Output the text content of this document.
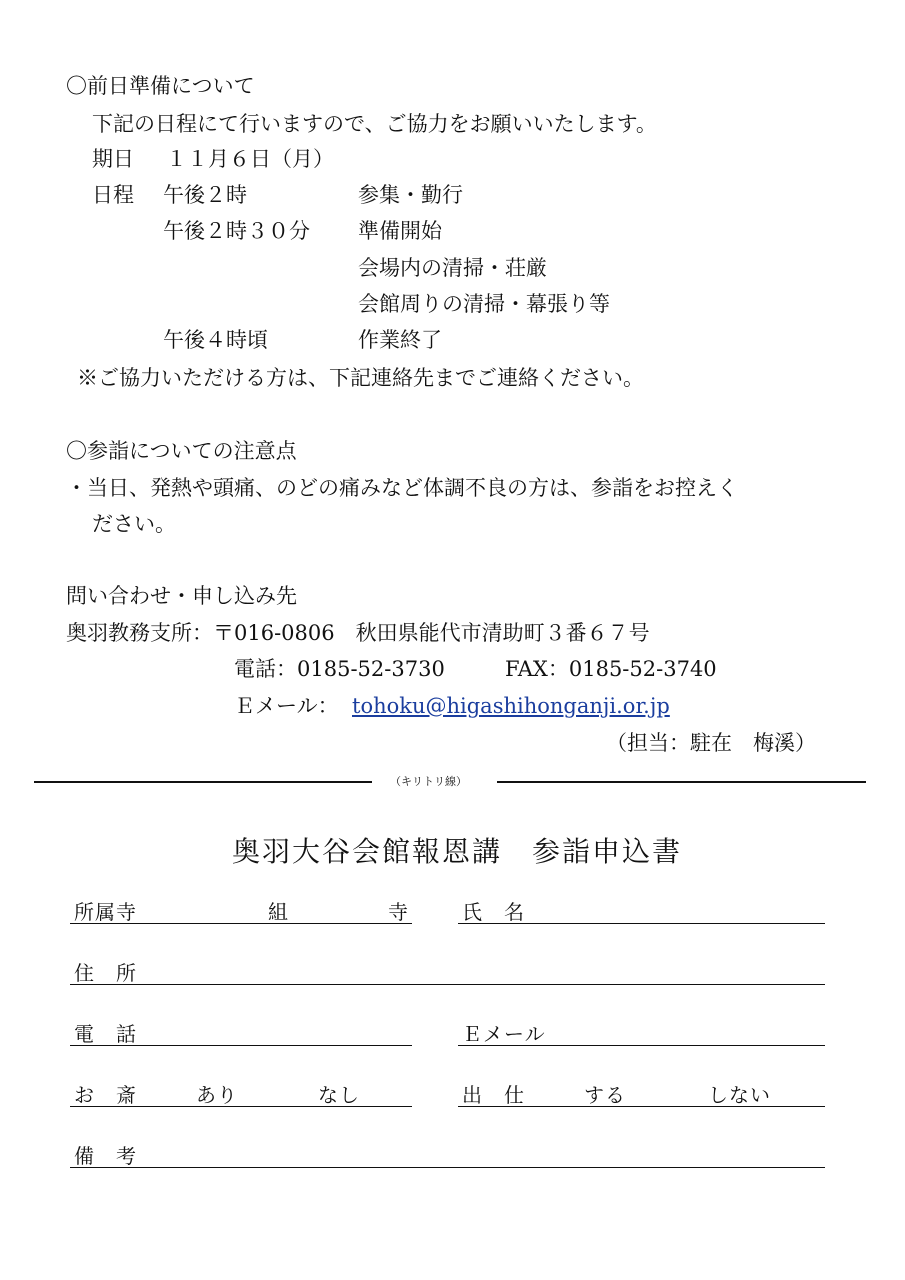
〇前日準備について
下記の日程にて行いますので、ご協力をお願いいたします。
期日 １１月６日（月）
日程 午後２時	参集・勤行
午後２時３０分 準備開始
会場内の清掃・荘厳
会館周りの清掃・幕張り等
午後４時頃	作業終了
※ご協力いただける方は、下記連絡先までご連絡ください。
〇参詣についての注意点
・当日、発熱や頭痛、のどの痛みなど体調不良の方は、参詣をお控えく
ださい。
問い合わせ・申し込み先
奥羽教務支所：〒016-0806　秋田県能代市清助町３番６７号
電話：0185-52-3730	FAX：0185-52-3740
Ｅメール： tohoku@higashihonganji.or.jp
（担当：駐在　梅溪）
（キリトリ線）
奥羽大谷会館報恩講　参詣申込書
所属寺	組	寺	氏　名
住　所
電　話	Ｅメール
お　斎	あり	なし	出　仕	する	しない
備　考
